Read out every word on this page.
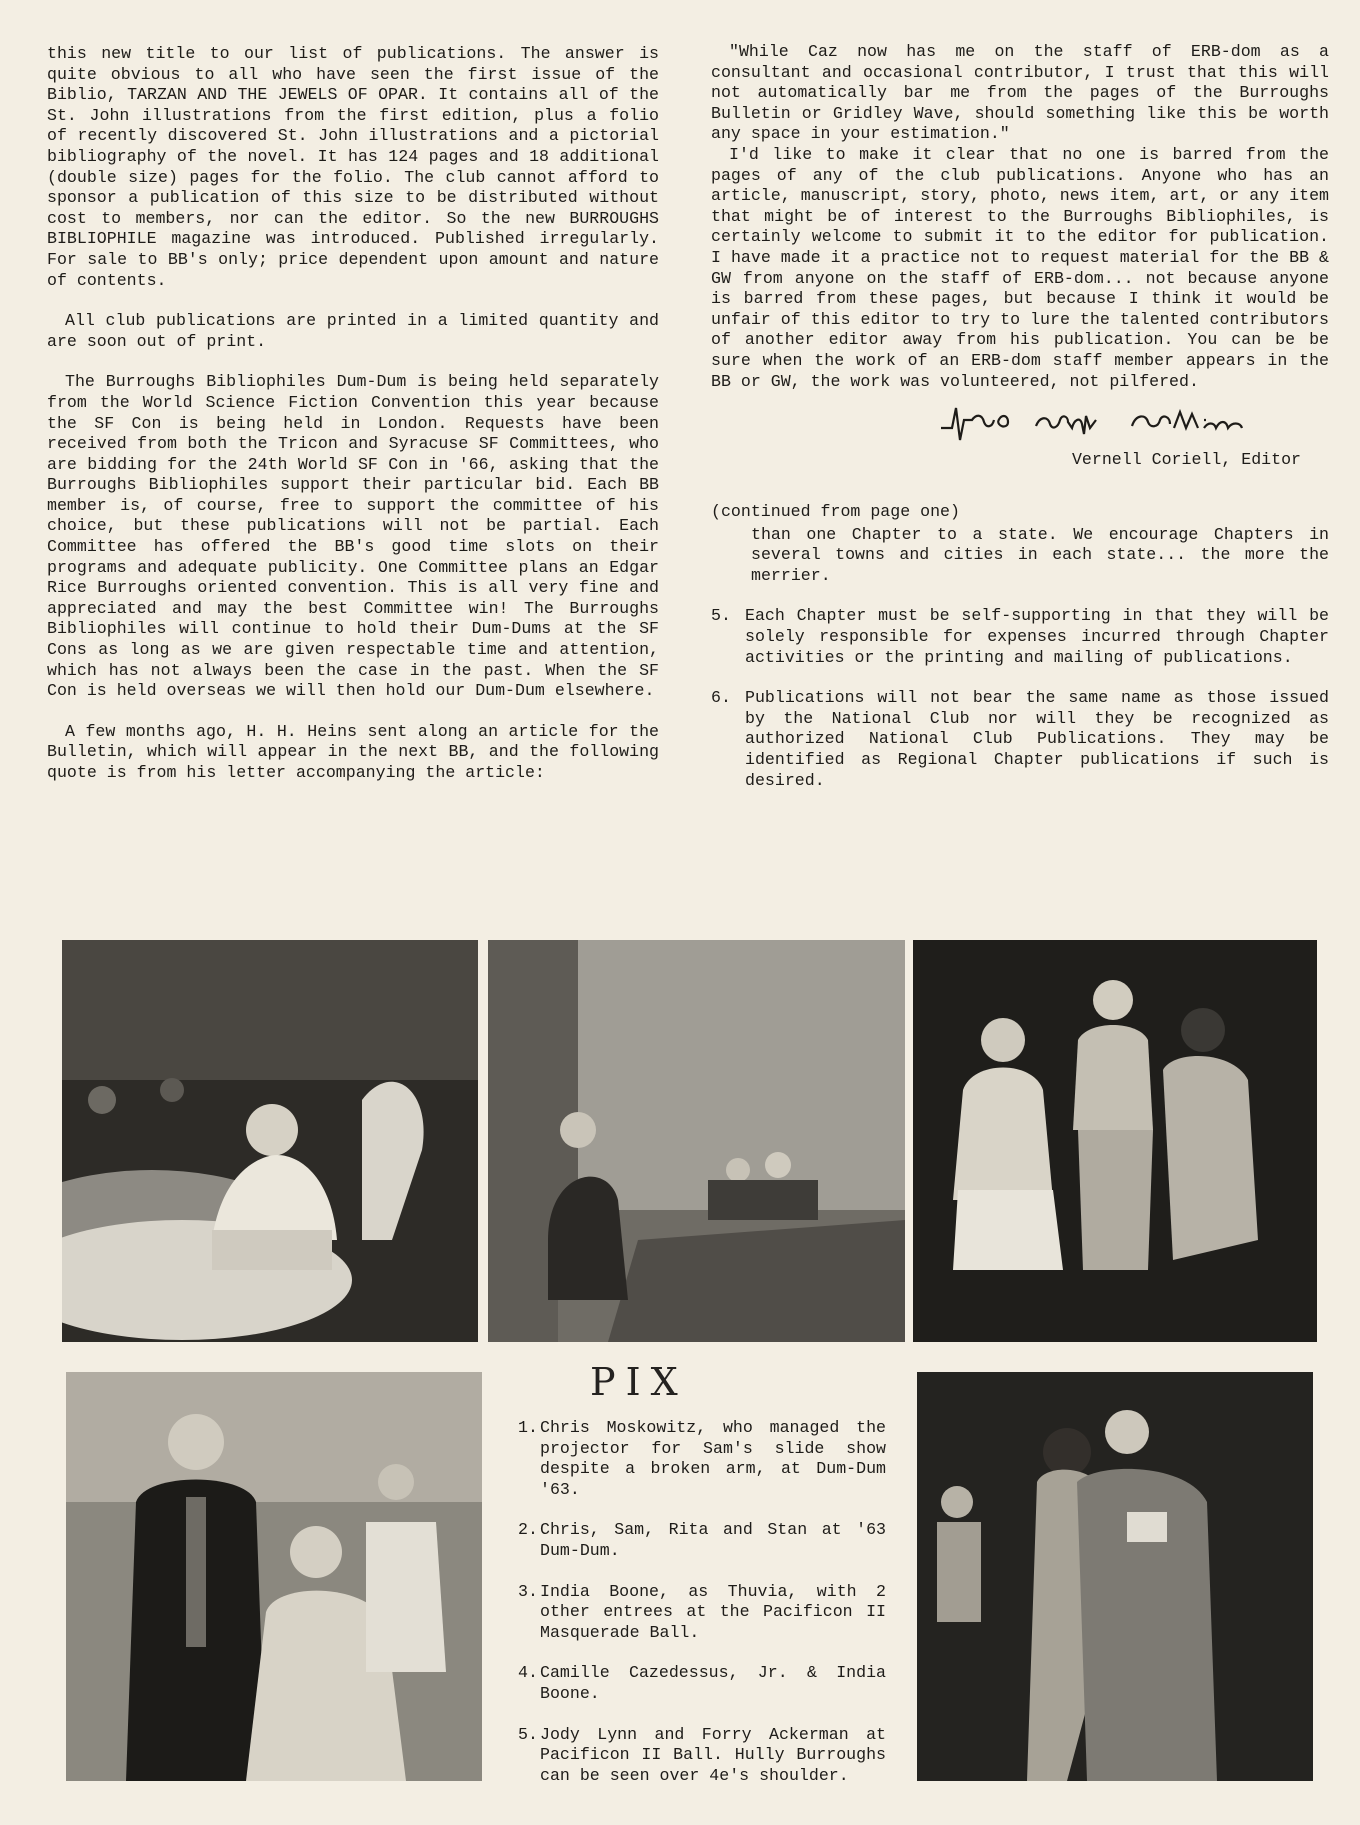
this new title to our list of publications. The answer is quite obvious to all who have seen the first issue of the Biblio, TARZAN AND THE JEWELS OF OPAR. It contains all of the St. John illustrations from the first edition, plus a folio of recently discovered St. John illustrations and a pictorial bibliography of the novel. It has 124 pages and 18 additional (double size) pages for the folio. The club cannot afford to sponsor a publication of this size to be distributed without cost to members, nor can the editor. So the new BURROUGHS BIBLIOPHILE magazine was introduced. Published irregularly. For sale to BB's only; price dependent upon amount and nature of contents.

All club publications are printed in a limited quantity and are soon out of print.

The Burroughs Bibliophiles Dum-Dum is being held separately from the World Science Fiction Convention this year because the SF Con is being held in London. Requests have been received from both the Tricon and Syracuse SF Committees, who are bidding for the 24th World SF Con in '66, asking that the Burroughs Bibliophiles support their particular bid. Each BB member is, of course, free to support the committee of his choice, but these publications will not be partial. Each Committee has offered the BB's good time slots on their programs and adequate publicity. One Committee plans an Edgar Rice Burroughs oriented convention. This is all very fine and appreciated and may the best Committee win! The Burroughs Bibliophiles will continue to hold their Dum-Dums at the SF Cons as long as we are given respectable time and attention, which has not always been the case in the past. When the SF Con is held overseas we will then hold our Dum-Dum elsewhere.

A few months ago, H. H. Heins sent along an article for the Bulletin, which will appear in the next BB, and the following quote is from his letter accompanying the article:

"While Caz now has me on the staff of ERB-dom as a consultant and occasional contributor, I trust that this will not automatically bar me from the pages of the Burroughs Bulletin or Gridley Wave, should something like this be worth any space in your estimation."

I'd like to make it clear that no one is barred from the pages of any of the club publications. Anyone who has an article, manuscript, story, photo, news item, art, or any item that might be of interest to the Burroughs Bibliophiles, is certainly welcome to submit it to the editor for publication. I have made it a practice not to request material for the BB & GW from anyone on the staff of ERB-dom... not because anyone is barred from these pages, but because I think it would be unfair of this editor to try to lure the talented contributors of another editor away from his publication. You can be be sure when the work of an ERB-dom staff member appears in the BB or GW, the work was volunteered, not pilfered.

Vernell Coriell, Editor
(continued from page one)
than one Chapter to a state. We encourage Chapters in several towns and cities in each state... the more the merrier.
5. Each Chapter must be self-supporting in that they will be solely responsible for expenses incurred through Chapter activities or the printing and mailing of publications.
6. Publications will not bear the same name as those issued by the National Club nor will they be recognized as authorized National Club Publications. They may be identified as Regional Chapter publications if such is desired.
PIX
1. Chris Moskowitz, who managed the projector for Sam's slide show despite a broken arm, at Dum-Dum '63.
2. Chris, Sam, Rita and Stan at '63 Dum-Dum.
3. India Boone, as Thuvia, with 2 other entrees at the Pacificon II Masquerade Ball.
4. Camille Cazedessus, Jr. & India Boone.
5. Jody Lynn and Forry Ackerman at Pacificon II Ball. Hully Burroughs can be seen over 4e's shoulder.
